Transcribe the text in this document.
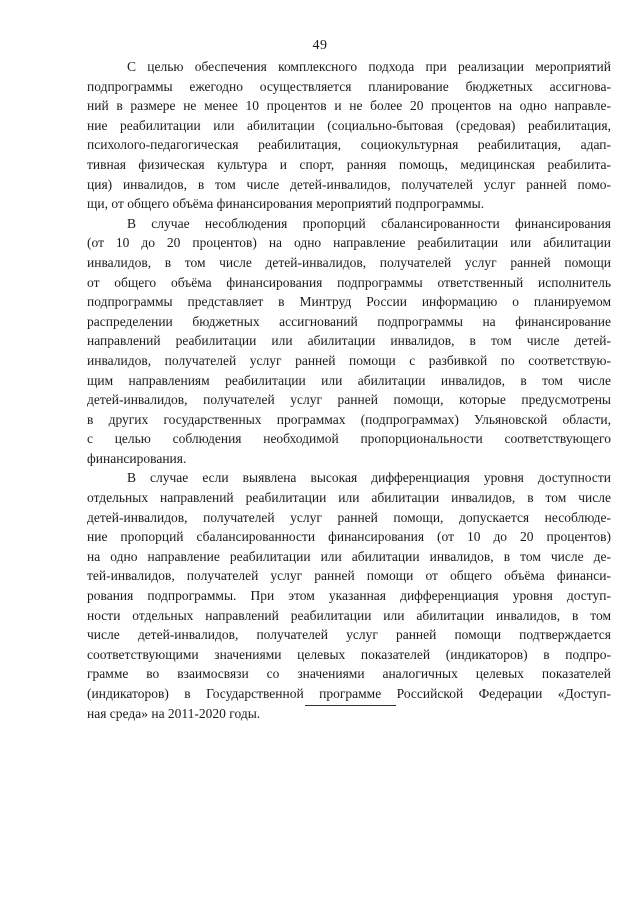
49

С целью обеспечения комплексного подхода при реализации мероприятий
подпрограммы ежегодно осуществляется планирование бюджетных ассигнова-
ний в размере не менее 10 процентов и не более 20 процентов на одно направле-
ние реабилитации или абилитации (социально-бытовая (средовая) реабилитация,
психолого-педагогическая реабилитация, социокультурная реабилитация, адап-
тивная физическая культура и спорт, ранняя помощь, медицинская реабилита-
ция) инвалидов, в том числе детей-инвалидов, получателей услуг ранней помо-
щи, от общего объёма финансирования мероприятий подпрограммы.

В случае несоблюдения пропорций сбалансированности финансирования
(от 10 до 20 процентов) на одно направление реабилитации или абилитации
инвалидов, в том числе детей-инвалидов, получателей услуг ранней помощи
от общего объёма финансирования подпрограммы ответственный исполнитель
подпрограммы представляет в Минтруд России информацию о планируемом
распределении бюджетных ассигнований подпрограммы на финансирование
направлений реабилитации или абилитации инвалидов, в том числе детей-
инвалидов, получателей услуг ранней помощи с разбивкой по соответствую-
щим направлениям реабилитации или абилитации инвалидов, в том числе
детей-инвалидов, получателей услуг ранней помощи, которые предусмотрены
в других государственных программах (подпрограммах) Ульяновской области,
с целью соблюдения необходимой пропорциональности соответствующего
финансирования.

В случае если выявлена высокая дифференциация уровня доступности
отдельных направлений реабилитации или абилитации инвалидов, в том числе
детей-инвалидов, получателей услуг ранней помощи, допускается несоблюде-
ние пропорций сбалансированности финансирования (от 10 до 20 процентов)
на одно направление реабилитации или абилитации инвалидов, в том числе де-
тей-инвалидов, получателей услуг ранней помощи от общего объёма финанси-
рования подпрограммы. При этом указанная дифференциация уровня доступ-
ности отдельных направлений реабилитации или абилитации инвалидов, в том
числе детей-инвалидов, получателей услуг ранней помощи подтверждается
соответствующими значениями целевых показателей (индикаторов) в подпро-
грамме во взаимосвязи со значениями аналогичных целевых показателей
(индикаторов) в Государственной программе Российской Федерации «Доступ-
ная среда» на 2011-2020 годы.
